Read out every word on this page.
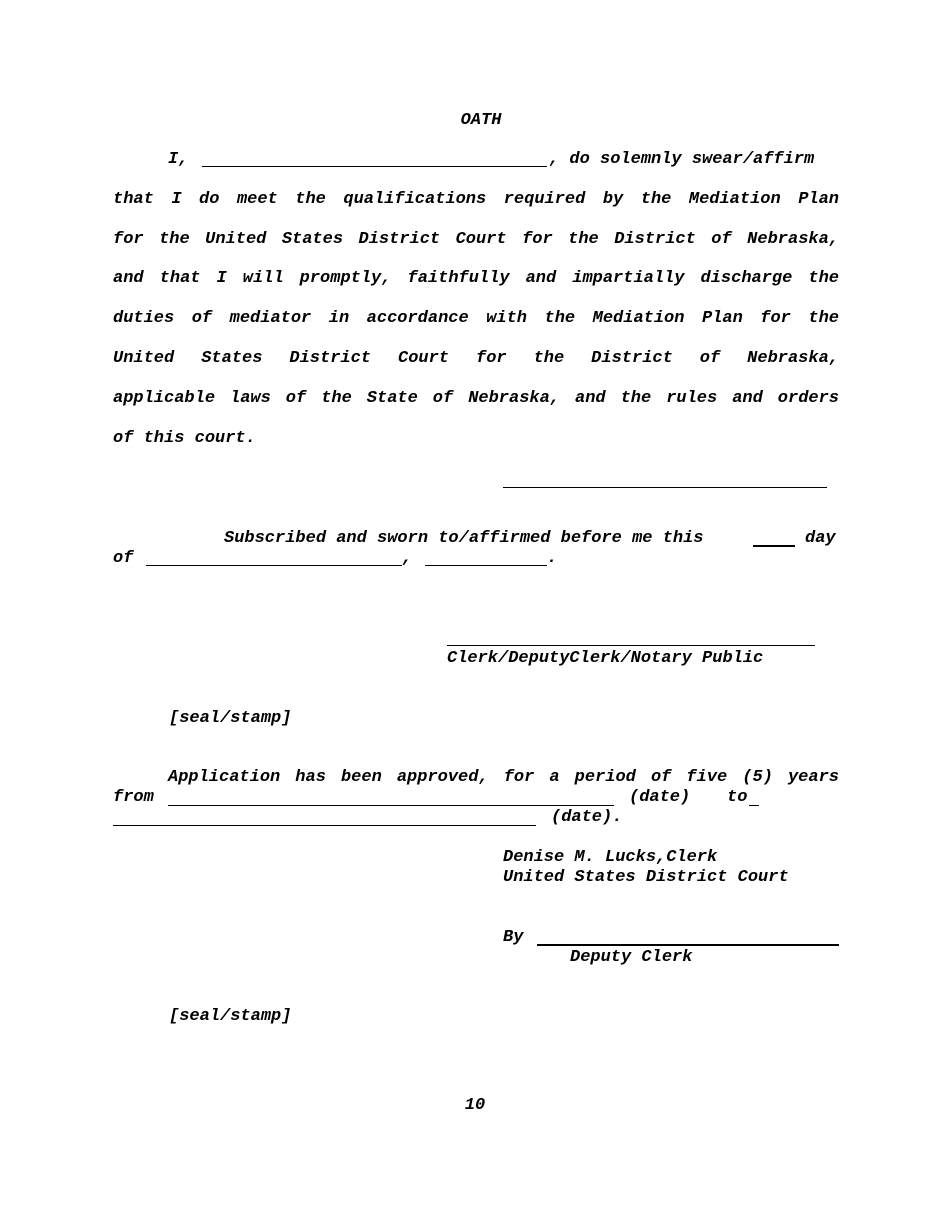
OATH
I,	, do solemnly swear/affirm
that I do meet the qualifications required by the Mediation Plan
for the United States District Court for the District of Nebraska,
and that I will promptly, faithfully and impartially discharge the
duties of mediator in accordance with the Mediation Plan for the
United States District Court for the District of Nebraska,
applicable laws of the State of Nebraska, and the rules and orders
of this court.
Subscribed and sworn to/affirmed before me this	day
of	,	.
Clerk/DeputyClerk/Notary Public
[seal/stamp]
Application has been approved, for a period of five (5) years
from	(date) to
(date).
Denise M. Lucks,Clerk
United States District Court
By
Deputy Clerk
[seal/stamp]
10
